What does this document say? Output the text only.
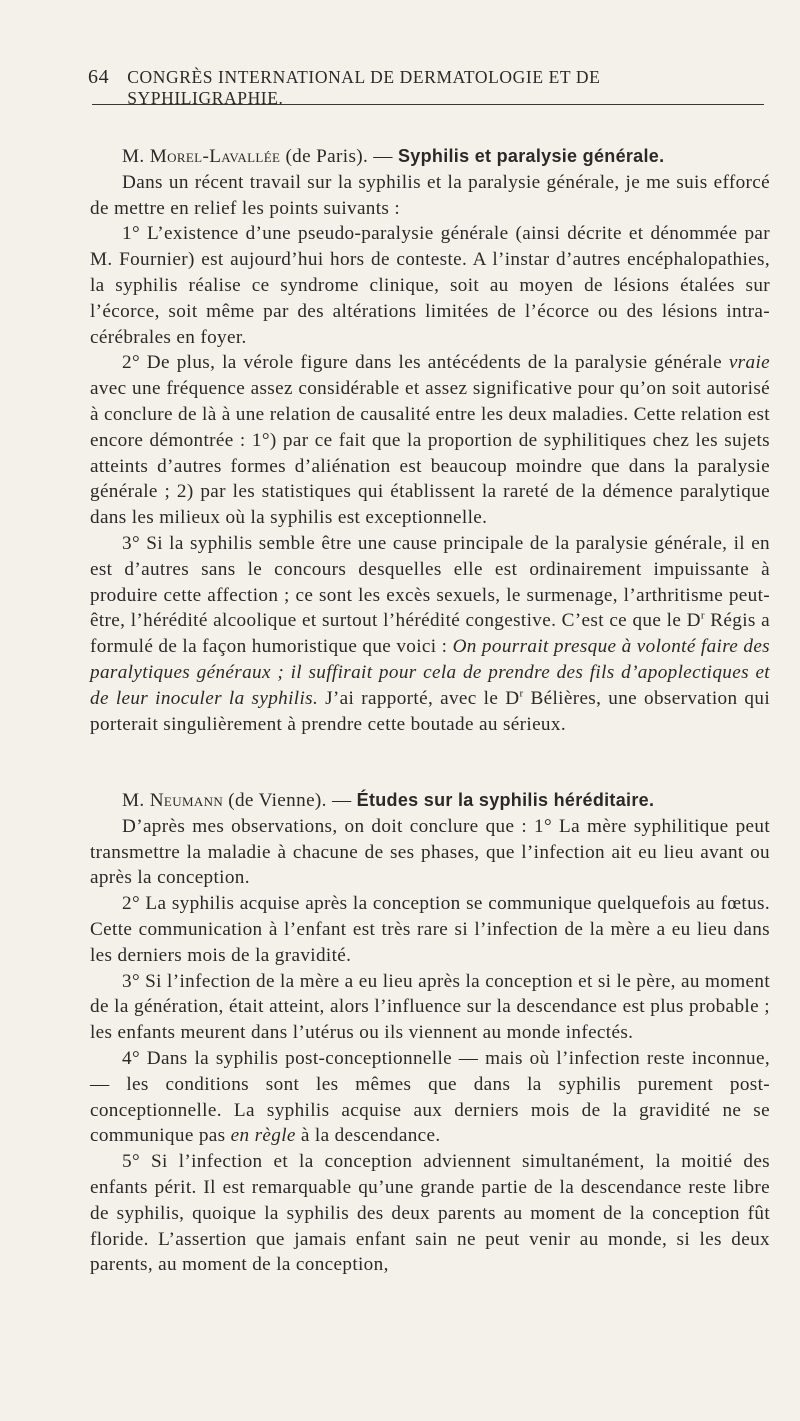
64 CONGRÈS INTERNATIONAL DE DERMATOLOGIE ET DE SYPHILIGRAPHIE.

M. Morel-Lavallée (de Paris). — Syphilis et paralysie générale.

Dans un récent travail sur la syphilis et la paralysie générale, je me suis efforcé de mettre en relief les points suivants :

1° L’existence d’une pseudo-paralysie générale (ainsi décrite et dénommée par M. Fournier) est aujourd’hui hors de conteste. A l’instar d’autres encéphalopathies, la syphilis réalise ce syndrome clinique, soit au moyen de lésions étalées sur l’écorce, soit même par des altérations limitées de l’écorce ou des lésions intra-cérébrales en foyer.

2° De plus, la vérole figure dans les antécédents de la paralysie générale vraie avec une fréquence assez considérable et assez significative pour qu’on soit autorisé à conclure de là à une relation de causalité entre les deux maladies. Cette relation est encore démontrée : 1°) par ce fait que la proportion de syphilitiques chez les sujets atteints d’autres formes d’aliénation est beaucoup moindre que dans la paralysie générale ; 2) par les statistiques qui établissent la rareté de la démence paralytique dans les milieux où la syphilis est exceptionnelle.

3° Si la syphilis semble être une cause principale de la paralysie générale, il en est d’autres sans le concours desquelles elle est ordinairement impuissante à produire cette affection ; ce sont les excès sexuels, le surmenage, l’arthritisme peut-être, l’hérédité alcoolique et surtout l’hérédité congestive. C’est ce que le $D^r$ Régis a formulé de la façon humoristique que voici : On pourrait presque à volonté faire des paralytiques généraux ; il suffirait pour cela de prendre des fils d’apoplectiques et de leur inoculer la syphilis. J’ai rapporté, avec le $D^r$ Bélières, une observation qui porterait singulièrement à prendre cette boutade au sérieux.

M. Neumann (de Vienne). — Études sur la syphilis héréditaire.

D’après mes observations, on doit conclure que : 1° La mère syphilitique peut transmettre la maladie à chacune de ses phases, que l’infection ait eu lieu avant ou après la conception.

2° La syphilis acquise après la conception se communique quelquefois au fœtus. Cette communication à l’enfant est très rare si l’infection de la mère a eu lieu dans les derniers mois de la gravidité.

3° Si l’infection de la mère a eu lieu après la conception et si le père, au moment de la génération, était atteint, alors l’influence sur la descendance est plus probable ; les enfants meurent dans l’utérus ou ils viennent au monde infectés.

4° Dans la syphilis post-conceptionnelle — mais où l’infection reste inconnue, — les conditions sont les mêmes que dans la syphilis purement post-conceptionnelle. La syphilis acquise aux derniers mois de la gravidité ne se communique pas en règle à la descendance.

5° Si l’infection et la conception adviennent simultanément, la moitié des enfants périt. Il est remarquable qu’une grande partie de la descendance reste libre de syphilis, quoique la syphilis des deux parents au moment de la conception fût floride. L’assertion que jamais enfant sain ne peut venir au monde, si les deux parents, au moment de la conception,
